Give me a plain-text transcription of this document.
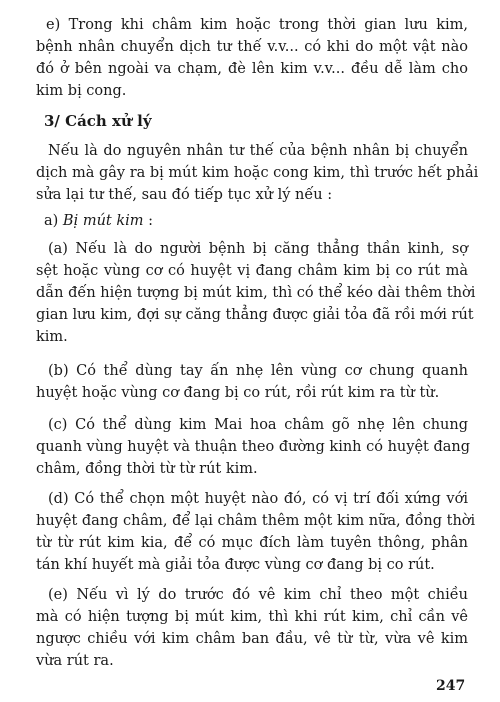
e) Trong khi châm kim hoặc trong thời gian lưu kim,
bệnh nhân chuyển dịch tư thế v.v... có khi do một vật nào
đó ở bên ngoài va chạm, đè lên kim v.v... đều dễ làm cho
kim bị cong.

3/ Cách xử lý

Nếu là do nguyên nhân tư thế của bệnh nhân bị chuyển
dịch mà gây ra bị mút kim hoặc cong kim, thì trước hết phải
sửa lại tư thế, sau đó tiếp tục xử lý nếu :

a) Bị mút kim :

(a) Nếu là do người bệnh bị căng thẳng thần kinh, sợ
sệt hoặc vùng cơ có huyệt vị đang châm kim bị co rút mà
dẫn đến hiện tượng bị mút kim, thì có thể kéo dài thêm thời
gian lưu kim, đợi sự căng thẳng được giải tỏa đã rồi mới rút
kim.

(b) Có thể dùng tay ấn nhẹ lên vùng cơ chung quanh
huyệt hoặc vùng cơ đang bị co rút, rồi rút kim ra từ từ.

(c) Có thể dùng kim Mai hoa châm gõ nhẹ lên chung
quanh vùng huyệt và thuận theo đường kinh có huyệt đang
châm, đồng thời từ từ rút kim.

(d) Có thể chọn một huyệt nào đó, có vị trí đối xứng với
huyệt đang châm, để lại châm thêm một kim nữa, đồng thời
từ từ rút kim kia, để có mục đích làm tuyên thông, phân
tán khí huyết mà giải tỏa được vùng cơ đang bị co rút.

(e) Nếu vì lý do trước đó vê kim chỉ theo một chiều
mà có hiện tượng bị mút kim, thì khi rút kim, chỉ cần vê
ngược chiều với kim châm ban đầu, vê từ từ, vừa vê kim
vừa rút ra.

247
